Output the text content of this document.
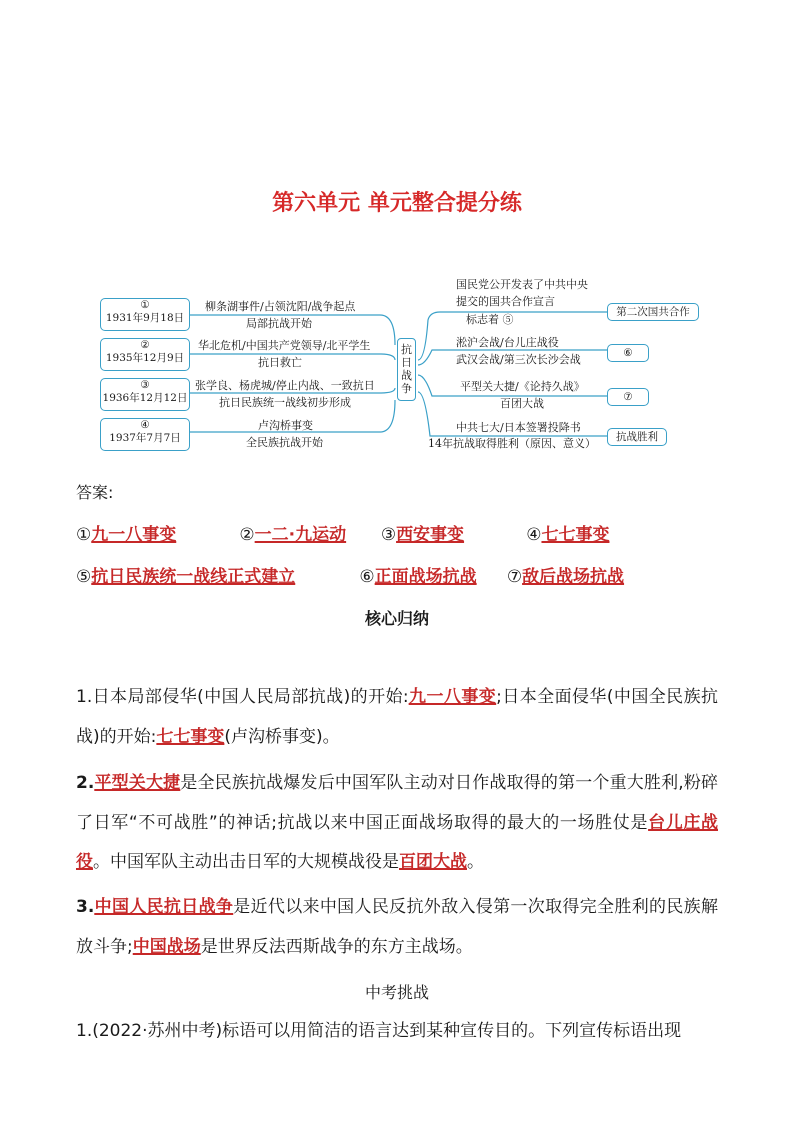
第六单元 单元整合提分练
①
1931年9月18日
②
1935年12月9日
③
1936年12月12日
④
1937年7月7日
柳条湖事件/占领沈阳/战争起点
局部抗战开始
华北危机/中国共产党领导/北平学生
抗日救亡
张学良、杨虎城/停止内战、一致抗日
抗日民族统一战线初步形成
卢沟桥事变
全民族抗战开始
抗
日
战
争
国民党公开发表了中共中央
提交的国共合作宣言
标志着 ⑤
淞沪会战/台儿庄战役
武汉会战/第三次长沙会战
平型关大捷/《论持久战》
百团大战
中共七大/日本签署投降书
14年抗战取得胜利（原因、意义）
第二次国共合作
⑥
⑦
抗战胜利
答案:
①九一八事变	②一二·九运动 ③西安事变	④七七事变
⑤抗日民族统一战线正式建立	⑥正面战场抗战 ⑦敌后战场抗战
核心归纳
1.日本局部侵华(中国人民局部抗战)的开始:九一八事变;日本全面侵华(中国全民族抗战)的开始:七七事变(卢沟桥事变)。
2.平型关大捷是全民族抗战爆发后中国军队主动对日作战取得的第一个重大胜利,粉碎了日军“不可战胜”的神话;抗战以来中国正面战场取得的最大的一场胜仗是台儿庄战役。中国军队主动出击日军的大规模战役是百团大战。
3.中国人民抗日战争是近代以来中国人民反抗外敌入侵第一次取得完全胜利的民族解放斗争;中国战场是世界反法西斯战争的东方主战场。
中考挑战
1.(2022·苏州中考)标语可以用简洁的语言达到某种宣传目的。下列宣传标语出现
